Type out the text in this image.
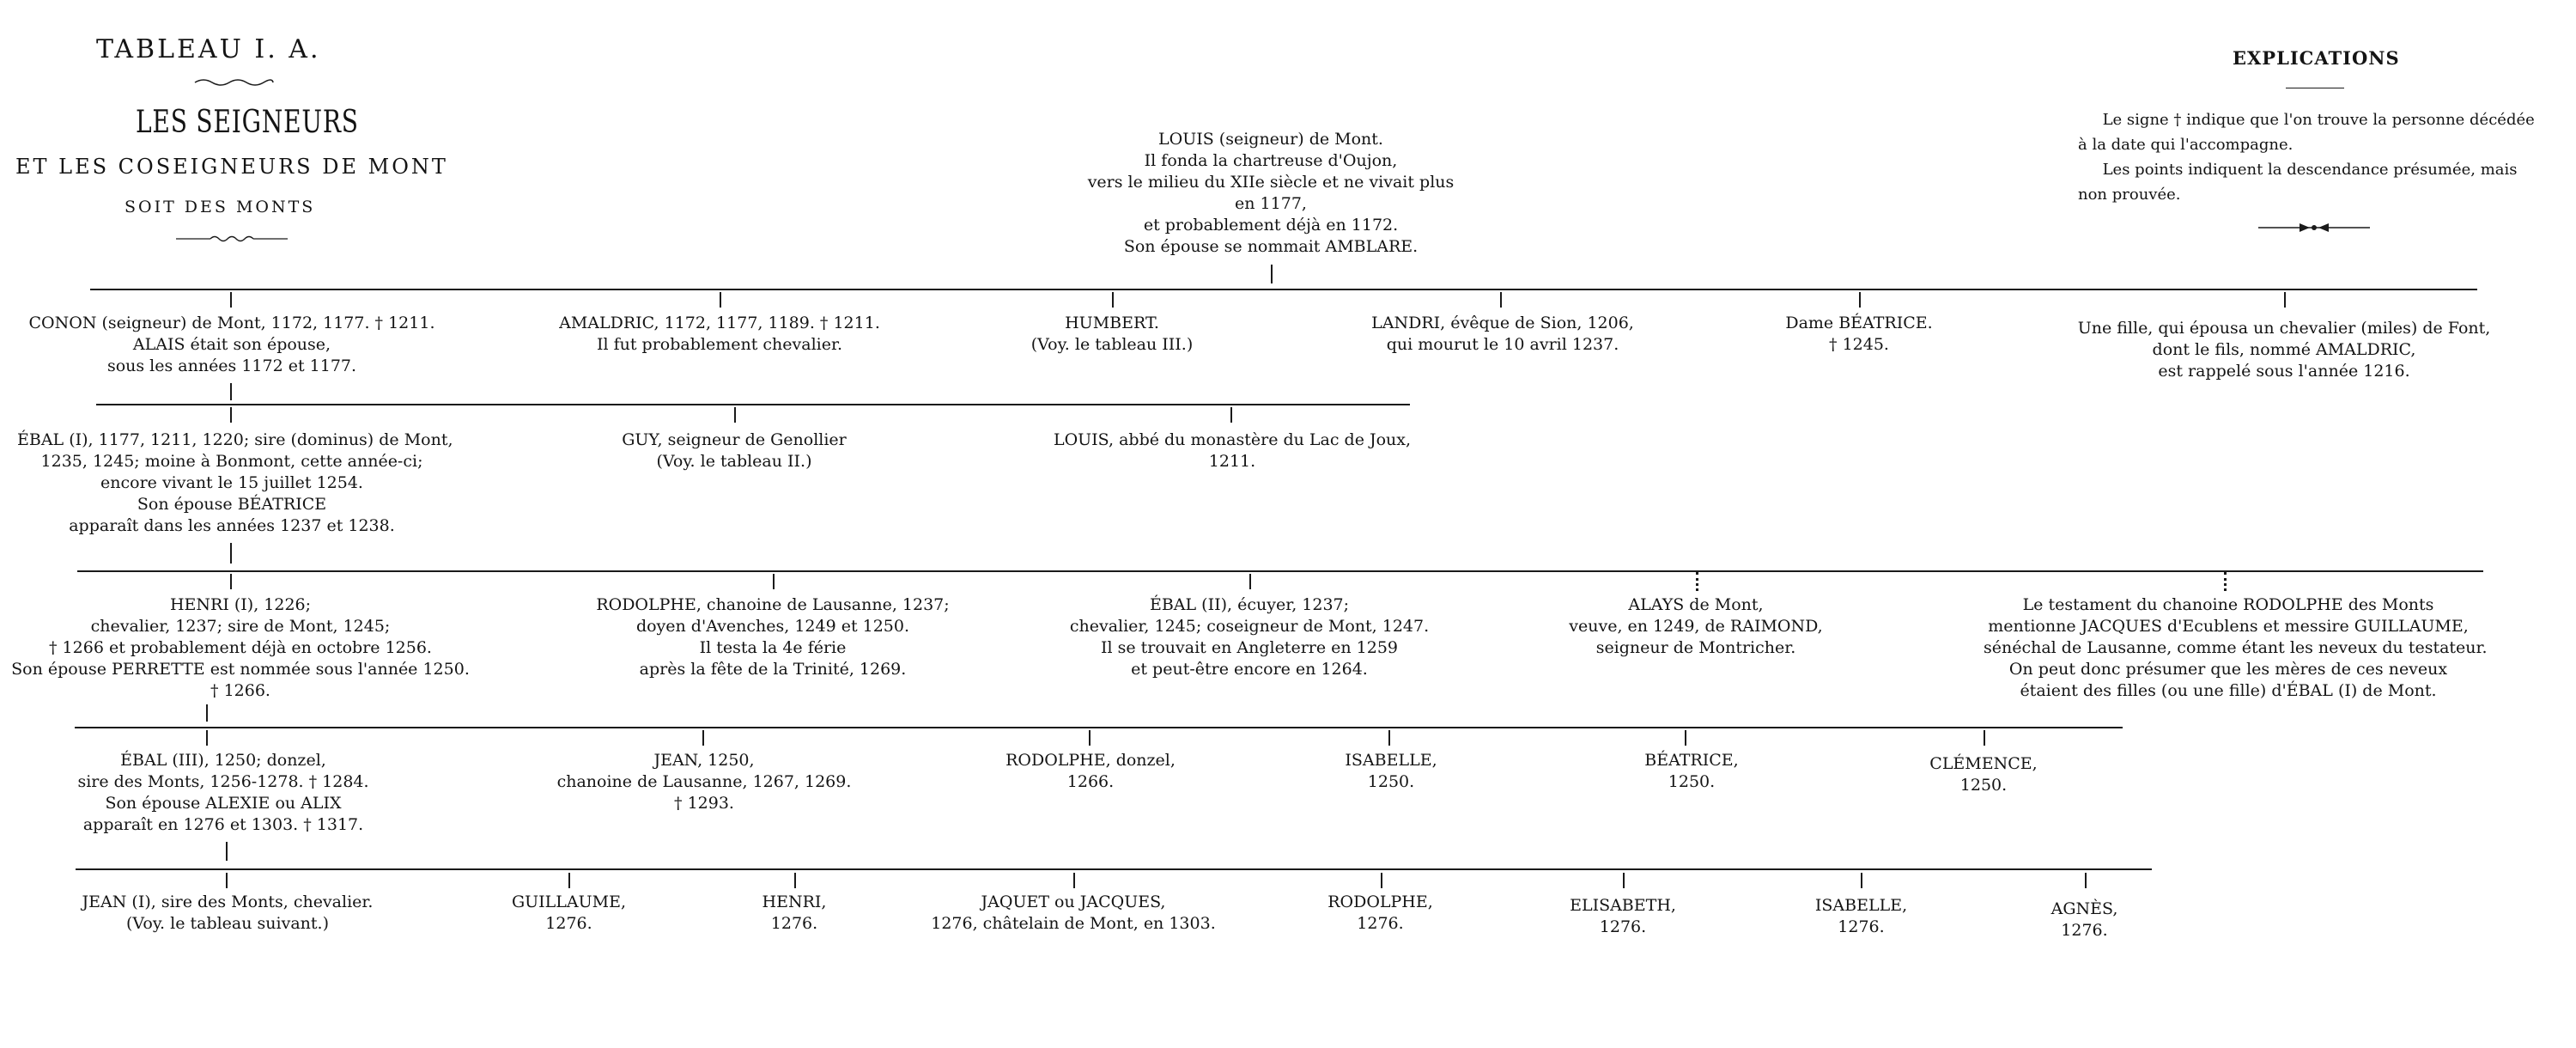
TABLEAU I. A.
LES SEIGNEURS
ET LES COSEIGNEURS DE MONT
SOIT DES MONTS
EXPLICATIONS
Le signe † indique que l'on trouve la personne décédée
à la date qui l'accompagne.
Les points indiquent la descendance présumée, mais
non prouvée.
LOUIS (seigneur) de Mont.
Il fonda la chartreuse d'Oujon,
vers le milieu du XIIe siècle et ne vivait plus
en 1177,
et probablement déjà en 1172.
Son épouse se nommait AMBLARE.
CONON (seigneur) de Mont, 1172, 1177. † 1211.
ALAIS était son épouse,
sous les années 1172 et 1177.
AMALDRIC, 1172, 1177, 1189. † 1211.
Il fut probablement chevalier.
HUMBERT.
(Voy. le tableau III.)
LANDRI, évêque de Sion, 1206,
qui mourut le 10 avril 1237.
Dame BÉATRICE.
† 1245.
Une fille, qui épousa un chevalier (miles) de Font,
dont le fils, nommé AMALDRIC,
est rappelé sous l'année 1216.
ÉBAL (I), 1177, 1211, 1220; sire (dominus) de Mont,
1235, 1245; moine à Bonmont, cette année-ci;
encore vivant le 15 juillet 1254.
Son épouse BÉATRICE
apparaît dans les années 1237 et 1238.
GUY, seigneur de Genollier
(Voy. le tableau II.)
LOUIS, abbé du monastère du Lac de Joux,
1211.
HENRI (I), 1226;
chevalier, 1237; sire de Mont, 1245;
† 1266 et probablement déjà en octobre 1256.
Son épouse PERRETTE est nommée sous l'année 1250.
† 1266.
RODOLPHE, chanoine de Lausanne, 1237;
doyen d'Avenches, 1249 et 1250.
Il testa la 4e férie
après la fête de la Trinité, 1269.
ÉBAL (II), écuyer, 1237;
chevalier, 1245; coseigneur de Mont, 1247.
Il se trouvait en Angleterre en 1259
et peut-être encore en 1264.
ALAYS de Mont,
veuve, en 1249, de RAIMOND,
seigneur de Montricher.
Le testament du chanoine RODOLPHE des Monts
mentionne JACQUES d'Ecublens et messire GUILLAUME,
sénéchal de Lausanne, comme étant les neveux du testateur.
On peut donc présumer que les mères de ces neveux
étaient des filles (ou une fille) d'ÉBAL (I) de Mont.
ÉBAL (III), 1250; donzel,
sire des Monts, 1256-1278. † 1284.
Son épouse ALEXIE ou ALIX
apparaît en 1276 et 1303. † 1317.
JEAN, 1250,
chanoine de Lausanne, 1267, 1269.
† 1293.
RODOLPHE, donzel,
1266.
ISABELLE,
1250.
BÉATRICE,
1250.
CLÉMENCE,
1250.
JEAN (I), sire des Monts, chevalier.
(Voy. le tableau suivant.)
GUILLAUME,
1276.
HENRI,
1276.
JAQUET ou JACQUES,
1276, châtelain de Mont, en 1303.
RODOLPHE,
1276.
ELISABETH,
1276.
ISABELLE,
1276.
AGNÈS,
1276.
